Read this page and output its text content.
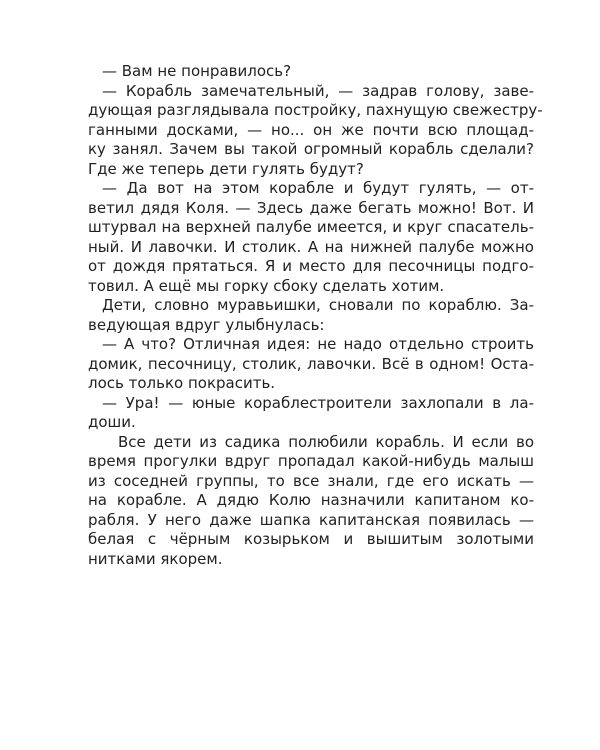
— Вам не понравилось?
— Корабль замечательный, — задрав голову, заве-
дующая разглядывала постройку, пахнущую свежестру-
ганными досками, — но... он же почти всю площад-
ку занял. Зачем вы такой огромный корабль сделали?
Где же теперь дети гулять будут?
— Да вот на этом корабле и будут гулять, — от-
ветил дядя Коля. — Здесь даже бегать можно! Вот. И
штурвал на верхней палубе имеется, и круг спасатель-
ный. И лавочки. И столик. А на нижней палубе можно
от дождя прятаться. Я и место для песочницы подго-
товил. А ещё мы горку сбоку сделать хотим.
Дети, словно муравьишки, сновали по кораблю. За-
ведующая вдруг улыбнулась:
— А что? Отличная идея: не надо отдельно строить
домик, песочницу, столик, лавочки. Всё в одном! Оста-
лось только покрасить.
— Ура! — юные кораблестроители захлопали в ла-
доши.
Все дети из садика полюбили корабль. И если во
время прогулки вдруг пропадал какой-нибудь малыш
из соседней группы, то все знали, где его искать —
на корабле. А дядю Колю назначили капитаном ко-
рабля. У него даже шапка капитанская появилась —
белая с чёрным козырьком и вышитым золотыми
нитками якорем.
